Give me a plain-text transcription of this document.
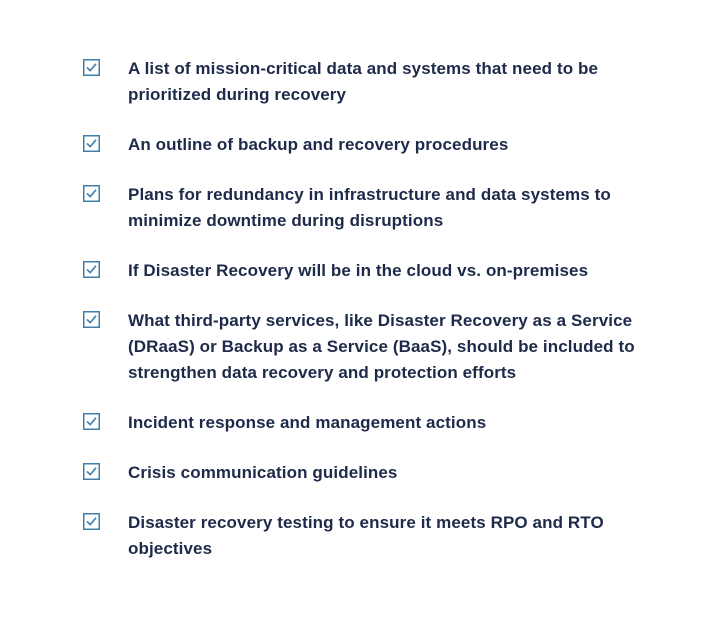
A list of mission-critical data and systems that need to be
prioritized during recovery

An outline of backup and recovery procedures

Plans for redundancy in infrastructure and data systems to
minimize downtime during disruptions

If Disaster Recovery will be in the cloud vs. on-premises

What third-party services, like Disaster Recovery as a Service
(DRaaS) or Backup as a Service (BaaS), should be included to
strengthen data recovery and protection efforts

Incident response and management actions

Crisis communication guidelines

Disaster recovery testing to ensure it meets RPO and RTO
objectives
